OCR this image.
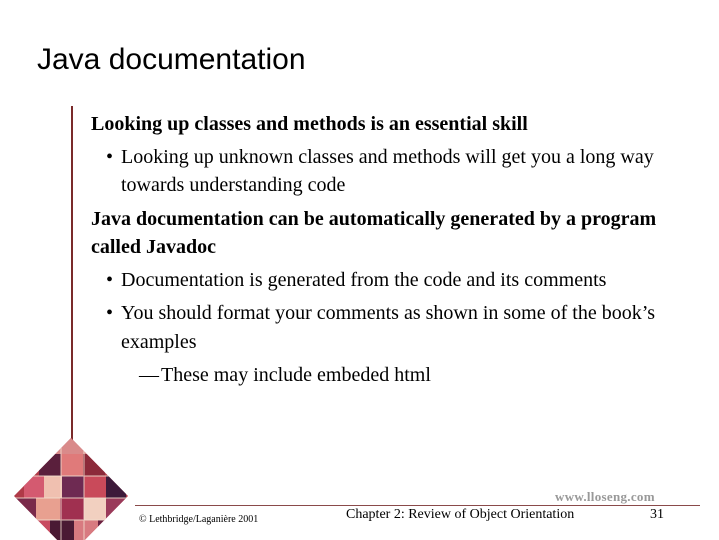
Java documentation
Looking up classes and methods is an essential skill
• Looking up unknown classes and methods will get you a long way towards understanding code
Java documentation can be automatically generated by a program called Javadoc
• Documentation is generated from the code and its comments
• You should format your comments as shown in some of the book’s examples
— These may include embeded html
www.lloseng.com
© Lethbridge/Laganière 2001	Chapter 2: Review of Object Orientation	31
